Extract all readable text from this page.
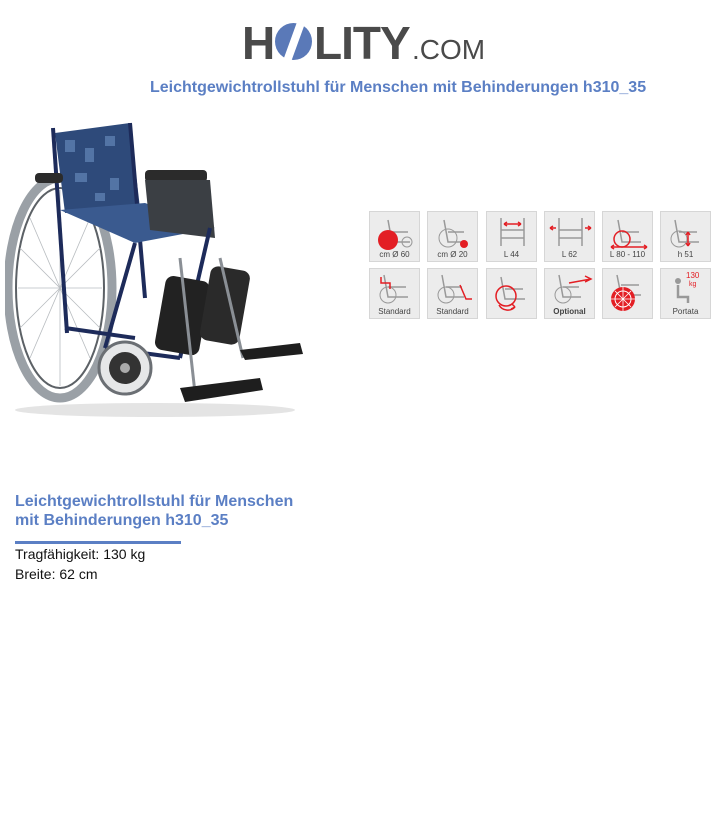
H LITY .COM
Leichtgewichtrollstuhl für Menschen mit Behinderungen h310_35
cm Ø 60	cm Ø 20	L 44	L 62	L 80 - 110	h 51
Standard	Standard	Optional
130
kg
Portata
Leichtgewichtrollstuhl für Menschen mit Behinderungen h310_35
Tragfähigkeit: 130 kg
Breite: 62 cm
